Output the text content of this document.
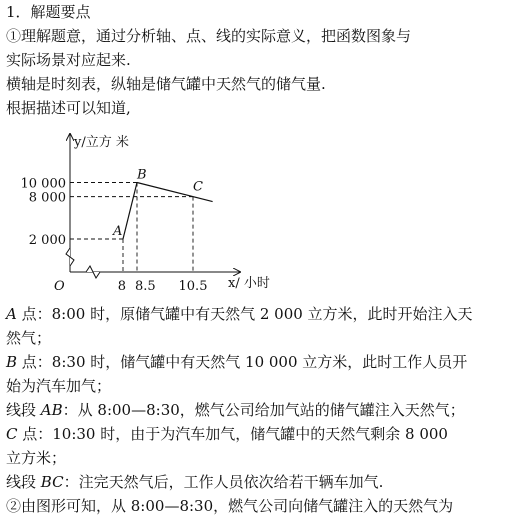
1．解题要点
①理解题意，通过分析轴、点、线的实际意义，把函数图象与
实际场景对应起来.
横轴是时刻表，纵轴是储气罐中天然气的储气量.
根据描述可以知道,
8 8.5 10.5
2 000
8 000
10 000
A
B
C
y/立方 米
x/ 小时
O
A 点：8:00 时，原储气罐中有天然气 2 000 立方米，此时开始注入天
然气；
B 点：8:30 时，储气罐中有天然气 10 000 立方米，此时工作人员开
始为汽车加气；
线段 AB：从 8:00—8:30，燃气公司给加气站的储气罐注入天然气；
C 点：10:30 时，由于为汽车加气，储气罐中的天然气剩余 8 000
立方米；
线段 BC：注完天然气后，工作人员依次给若干辆车加气.
②由图形可知，从 8:00—8:30，燃气公司向储气罐注入的天然气为
